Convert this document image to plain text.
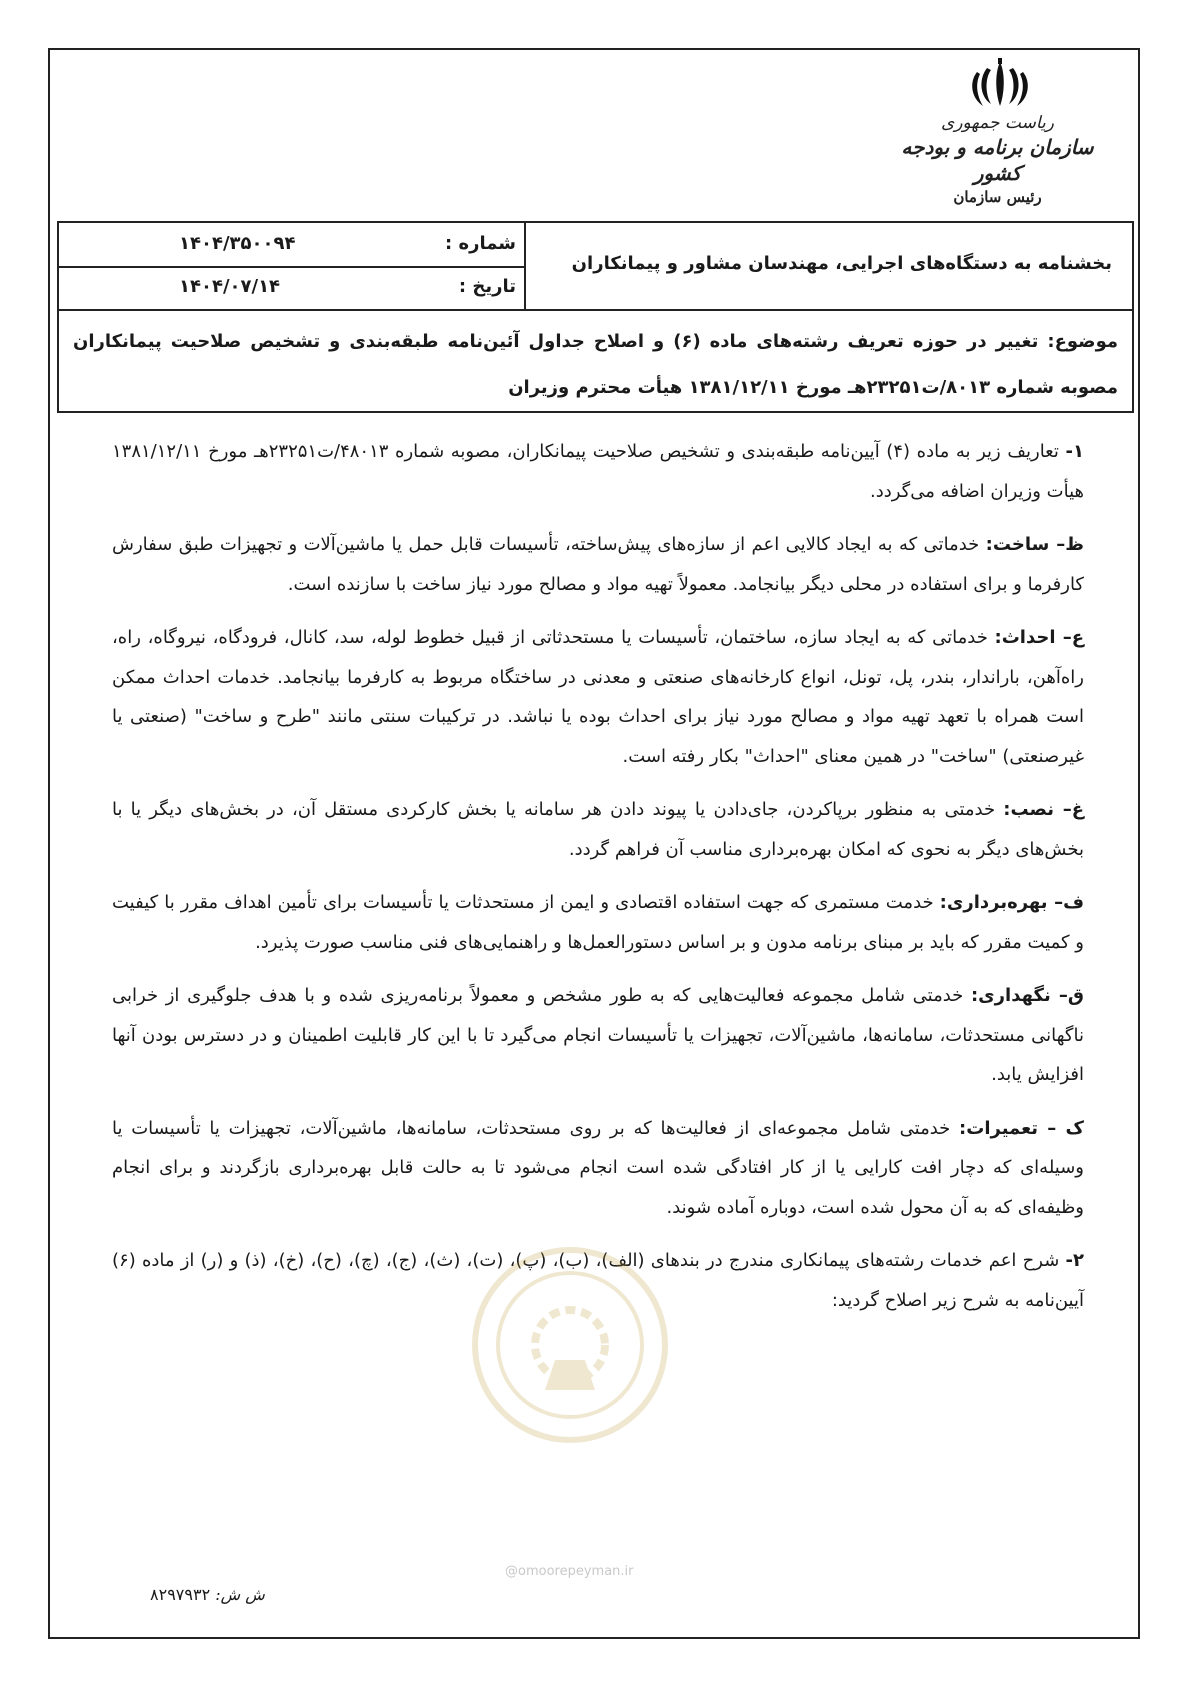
ریاست جمهوری
سازمان برنامه و بودجه کشور
رئیس سازمان
بخشنامه به دستگاه‌های اجرایی، مهندسان مشاور و پیمانکاران
شماره :
۱۴۰۴/۳۵۰۰۹۴
تاریخ :
۱۴۰۴/۰۷/۱۴
موضوع: تغییر در حوزه تعریف رشته‌های ماده (۶) و اصلاح جداول آئین‌نامه طبقه‌بندی و تشخیص صلاحیت پیمانکاران مصوبه شماره ۸۰۱۳/ت۲۳۲۵۱هـ مورخ ۱۳۸۱/۱۲/۱۱ هیأت محترم وزیران

۱- تعاریف زیر به ماده (۴) آیین‌نامه طبقه‌بندی و تشخیص صلاحیت پیمانکاران، مصوبه شماره ۴۸۰۱۳/ت۲۳۲۵۱هـ مورخ ۱۳۸۱/۱۲/۱۱ هیأت وزیران اضافه می‌گردد.

ظ– ساخت: خدماتی که به ایجاد کالایی اعم از سازه‌های پیش‌ساخته، تأسیسات قابل حمل یا ماشین‌آلات و تجهیزات طبق سفارش کارفرما و برای استفاده در محلی دیگر بیانجامد. معمولاً تهیه مواد و مصالح مورد نیاز ساخت با سازنده است.

ع– احداث: خدماتی که به ایجاد سازه، ساختمان، تأسیسات یا مستحدثاتی از قبیل خطوط لوله، سد، کانال، فرودگاه، نیروگاه، راه، راه‌آهن، باراندار، بندر، پل، تونل، انواع کارخانه‌های صنعتی و معدنی در ساختگاه مربوط به کارفرما بیانجامد. خدمات احداث ممکن است همراه با تعهد تهیه مواد و مصالح مورد نیاز برای احداث بوده یا نباشد. در ترکیبات سنتی مانند "طرح و ساخت" (صنعتی یا غیرصنعتی) "ساخت" در همین معنای "احداث" بکار رفته است.

غ– نصب: خدمتی به منظور برپاکردن، جای‌دادن یا پیوند دادن هر سامانه یا بخش کارکردی مستقل آن، در بخش‌های دیگر یا با بخش‌های دیگر به نحوی که امکان بهره‌برداری مناسب آن فراهم گردد.

ف– بهره‌برداری: خدمت مستمری که جهت استفاده اقتصادی و ایمن از مستحدثات یا تأسیسات برای تأمین اهداف مقرر با کیفیت و کمیت مقرر که باید بر مبنای برنامه مدون و بر اساس دستورالعمل‌ها و راهنمایی‌های فنی مناسب صورت پذیرد.

ق– نگهداری: خدمتی شامل مجموعه فعالیت‌هایی که به طور مشخص و معمولاً برنامه‌ریزی شده و با هدف جلوگیری از خرابی ناگهانی مستحدثات، سامانه‌ها، ماشین‌آلات، تجهیزات یا تأسیسات انجام می‌گیرد تا با این کار قابلیت اطمینان و در دسترس بودن آنها افزایش یابد.

ک – تعمیرات: خدمتی شامل مجموعه‌ای از فعالیت‌ها که بر روی مستحدثات، سامانه‌ها، ماشین‌آلات، تجهیزات یا تأسیسات یا وسیله‌ای که دچار افت کارایی یا از کار افتادگی شده است انجام می‌شود تا به حالت قابل بهره‌برداری بازگردند و برای انجام وظیفه‌ای که به آن محول شده است، دوباره آماده شوند.

۲- شرح اعم خدمات رشته‌های پیمانکاری مندرج در بندهای (الف)، (ب)، (پ)، (ت)، (ث)، (ج)، (چ)، (ح)، (خ)، (ذ) و (ر) از ماده (۶) آیین‌نامه به شرح زیر اصلاح گردید:

@omoorepeyman.ir
ش ش: ۸۲۹۷۹۳۲
